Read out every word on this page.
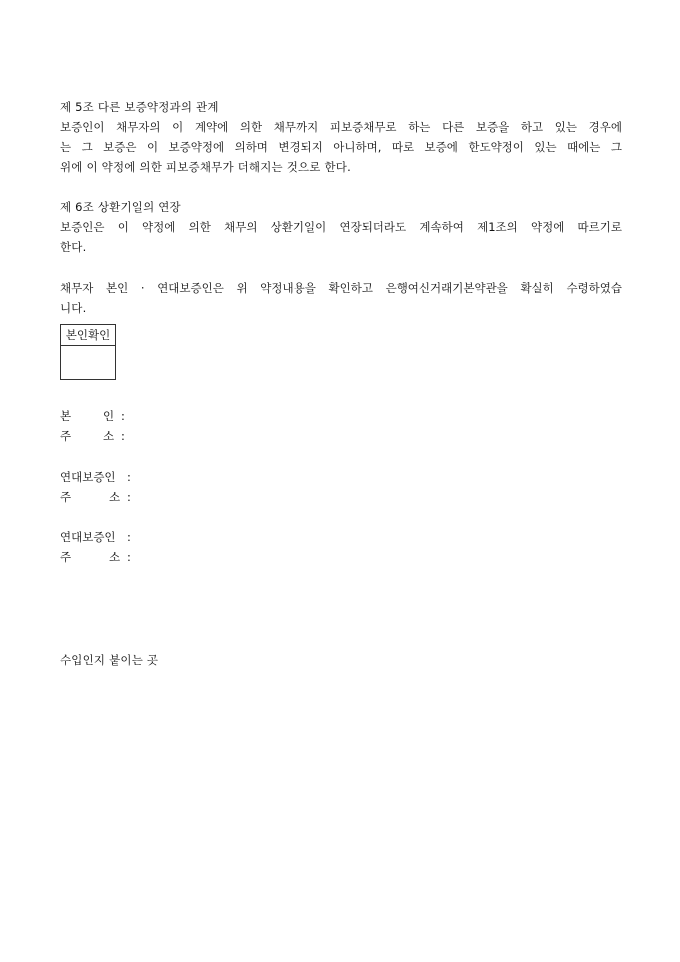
제 5조 다른 보증약정과의 관계
보증인이 채무자의 이 계약에 의한 채무까지 피보증채무로 하는 다른 보증을 하고 있는 경우에
는 그 보증은 이 보증약정에 의하며 변경되지 아니하며, 따로 보증에 한도약정이 있는 때에는 그
위에 이 약정에 의한 피보증채무가 더해지는 것으로 한다.
제 6조 상환기일의 연장
보증인은 이 약정에 의한 채무의 상환기일이 연장되더라도 계속하여 제1조의 약정에 따르기로
한다.
채무자 본인 · 연대보증인은 위 약정내용을 확인하고 은행여신거래기본약관을 확실히 수령하였습
니다.
본인확인
본	인 :
주	소 :
연대보증인 :
주	소 :
연대보증인 :
주	소 :
수입인지 붙이는 곳
